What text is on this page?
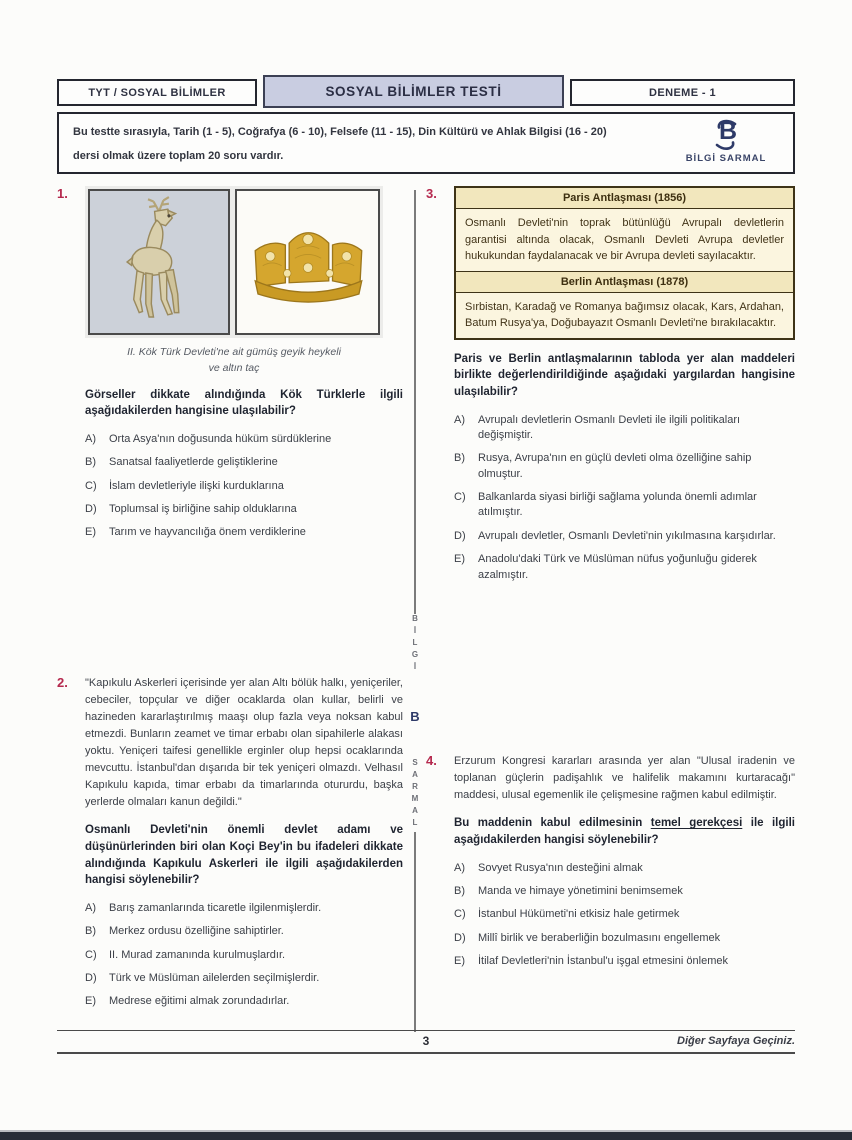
TYT / SOSYAL BİLİMLER	SOSYAL BİLİMLER TESTİ	DENEME - 1
Bu testte sırasıyla, Tarih (1 - 5), Coğrafya (6 - 10), Felsefe (11 - 15), Din Kültürü ve Ahlak Bilgisi (16 - 20)
dersi olmak üzere toplam 20 soru vardır.
B
BİLGİ SARMAL
1.
II. Kök Türk Devleti'ne ait gümüş geyik heykeli
ve altın taç
Görseller dikkate alındığında Kök Türklerle ilgili aşağıdakilerden hangisine ulaşılabilir?
A)	Orta Asya'nın doğusunda hüküm sürdüklerine
B)	Sanatsal faaliyetlerde geliştiklerine
C)	İslam devletleriyle ilişki kurduklarına
D)	Toplumsal iş birliğine sahip olduklarına
E)	Tarım ve hayvancılığa önem verdiklerine
2.	"Kapıkulu Askerleri içerisinde yer alan Altı bölük halkı, yeniçeriler, cebeciler, topçular ve diğer ocaklarda olan kullar, belirli ve hazineden kararlaştırılmış maaşı olup fazla veya noksan kabul etmezdi. Bunların zeamet ve timar erbabı olan sipahilerle alakası yoktu. Yeniçeri taifesi genellikle erginler olup hepsi ocaklarında mevcuttu. İstanbul'dan dışarıda bir tek yeniçeri olmazdı. Velhasıl Kapıkulu kapıda, timar erbabı da timarlarında otururdu, başka yerlerde olmaları kanun değildi."
Osmanlı Devleti'nin önemli devlet adamı ve düşünürlerinden biri olan Koçi Bey'in bu ifadeleri dikkate alındığında Kapıkulu Askerleri ile ilgili aşağıdakilerden hangisi söylenebilir?
A)	Barış zamanlarında ticaretle ilgilenmişlerdir.
B)	Merkez ordusu özelliğine sahiptirler.
C)	II. Murad zamanında kurulmuşlardır.
D)	Türk ve Müslüman ailelerden seçilmişlerdir.
E)	Medrese eğitimi almak zorundadırlar.
3.	Paris Antlaşması (1856)
Osmanlı Devleti'nin toprak bütünlüğü Avrupalı devletlerin garantisi altında olacak, Osmanlı Devleti Avrupa devletler hukukundan faydalanacak ve bir Avrupa devleti sayılacaktır.
Berlin Antlaşması (1878)
Sırbistan, Karadağ ve Romanya bağımsız olacak, Kars, Ardahan, Batum Rusya'ya, Doğubayazıt Osmanlı Devleti'ne bırakılacaktır.
Paris ve Berlin antlaşmalarının tabloda yer alan maddeleri birlikte değerlendirildiğinde aşağıdaki yargılardan hangisine ulaşılabilir?
A)	Avrupalı devletlerin Osmanlı Devleti ile ilgili politikaları değişmiştir.
B)	Rusya, Avrupa'nın en güçlü devleti olma özelliğine sahip olmuştur.
C)	Balkanlarda siyasi birliği sağlama yolunda önemli adımlar atılmıştır.
D)	Avrupalı devletler, Osmanlı Devleti'nin yıkılmasına karşıdırlar.
E)	Anadolu'daki Türk ve Müslüman nüfus yoğunluğu giderek azalmıştır.
4.	Erzurum Kongresi kararları arasında yer alan "Ulusal iradenin ve toplanan güçlerin padişahlık ve halifelik makamını kurtaracağı" maddesi, ulusal egemenlik ile çelişmesine rağmen kabul edilmiştir.
Bu maddenin kabul edilmesinin temel gerekçesi ile ilgili aşağıdakilerden hangisi söylenebilir?
A)	Sovyet Rusya'nın desteğini almak
B)	Manda ve himaye yönetimini benimsemek
C)	İstanbul Hükümeti'ni etkisiz hale getirmek
D)	Millî birlik ve beraberliğin bozulmasını engellemek
E)	İtilaf Devletleri'nin İstanbul'u işgal etmesini önlemek
BİLGİ
B
SARMAL
3	Diğer Sayfaya Geçiniz.
